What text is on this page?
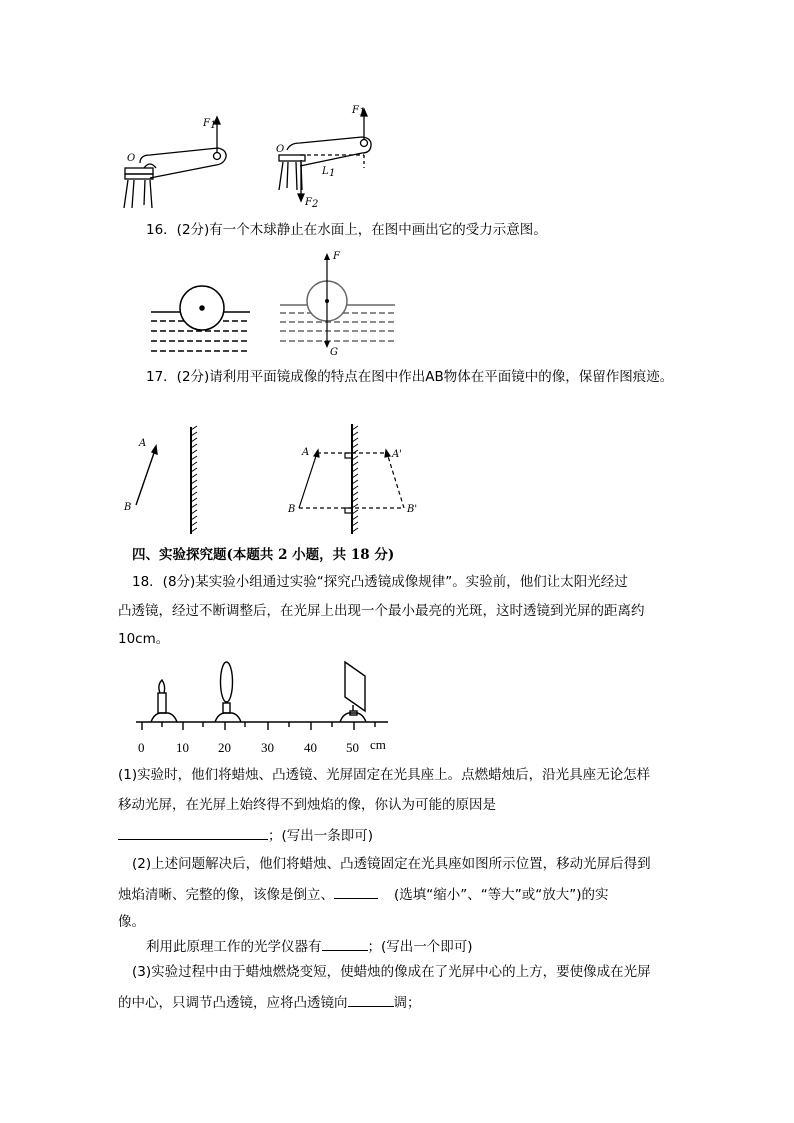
O
F 1
F 1
O
L 1
F 2
F
G
A
B
A
B
A'
B'
0 10 20 30 40 50 cm
16．(2分)有一个木球静止在水面上，在图中画出它的受力示意图。
17．(2分)请利用平面镜成像的特点在图中作出AB物体在平面镜中的像，保留作图痕迹。
四、实验探究题(本题共 2 小题，共 18 分)
18．(8分)某实验小组通过实验“探究凸透镜成像规律”。实验前，他们让太阳光经过
凸透镜，经过不断调整后，在光屏上出现一个最小最亮的光斑，这时透镜到光屏的距离约
10cm。
(1)实验时，他们将蜡烛、凸透镜、光屏固定在光具座上。点燃蜡烛后，沿光具座无论怎样
移动光屏，在光屏上始终得不到烛焰的像，你认为可能的原因是
；(写出一条即可)
(2)上述问题解决后，他们将蜡烛、凸透镜固定在光具座如图所示位置，移动光屏后得到
烛焰清晰、完整的像，该像是倒立、	(选填“缩小”、“等大”或“放大”)的实
像。
利用此原理工作的光学仪器有	；(写出一个即可)
(3)实验过程中由于蜡烛燃烧变短，使蜡烛的像成在了光屏中心的上方，要使像成在光屏
的中心，只调节凸透镜，应将凸透镜向	调；
